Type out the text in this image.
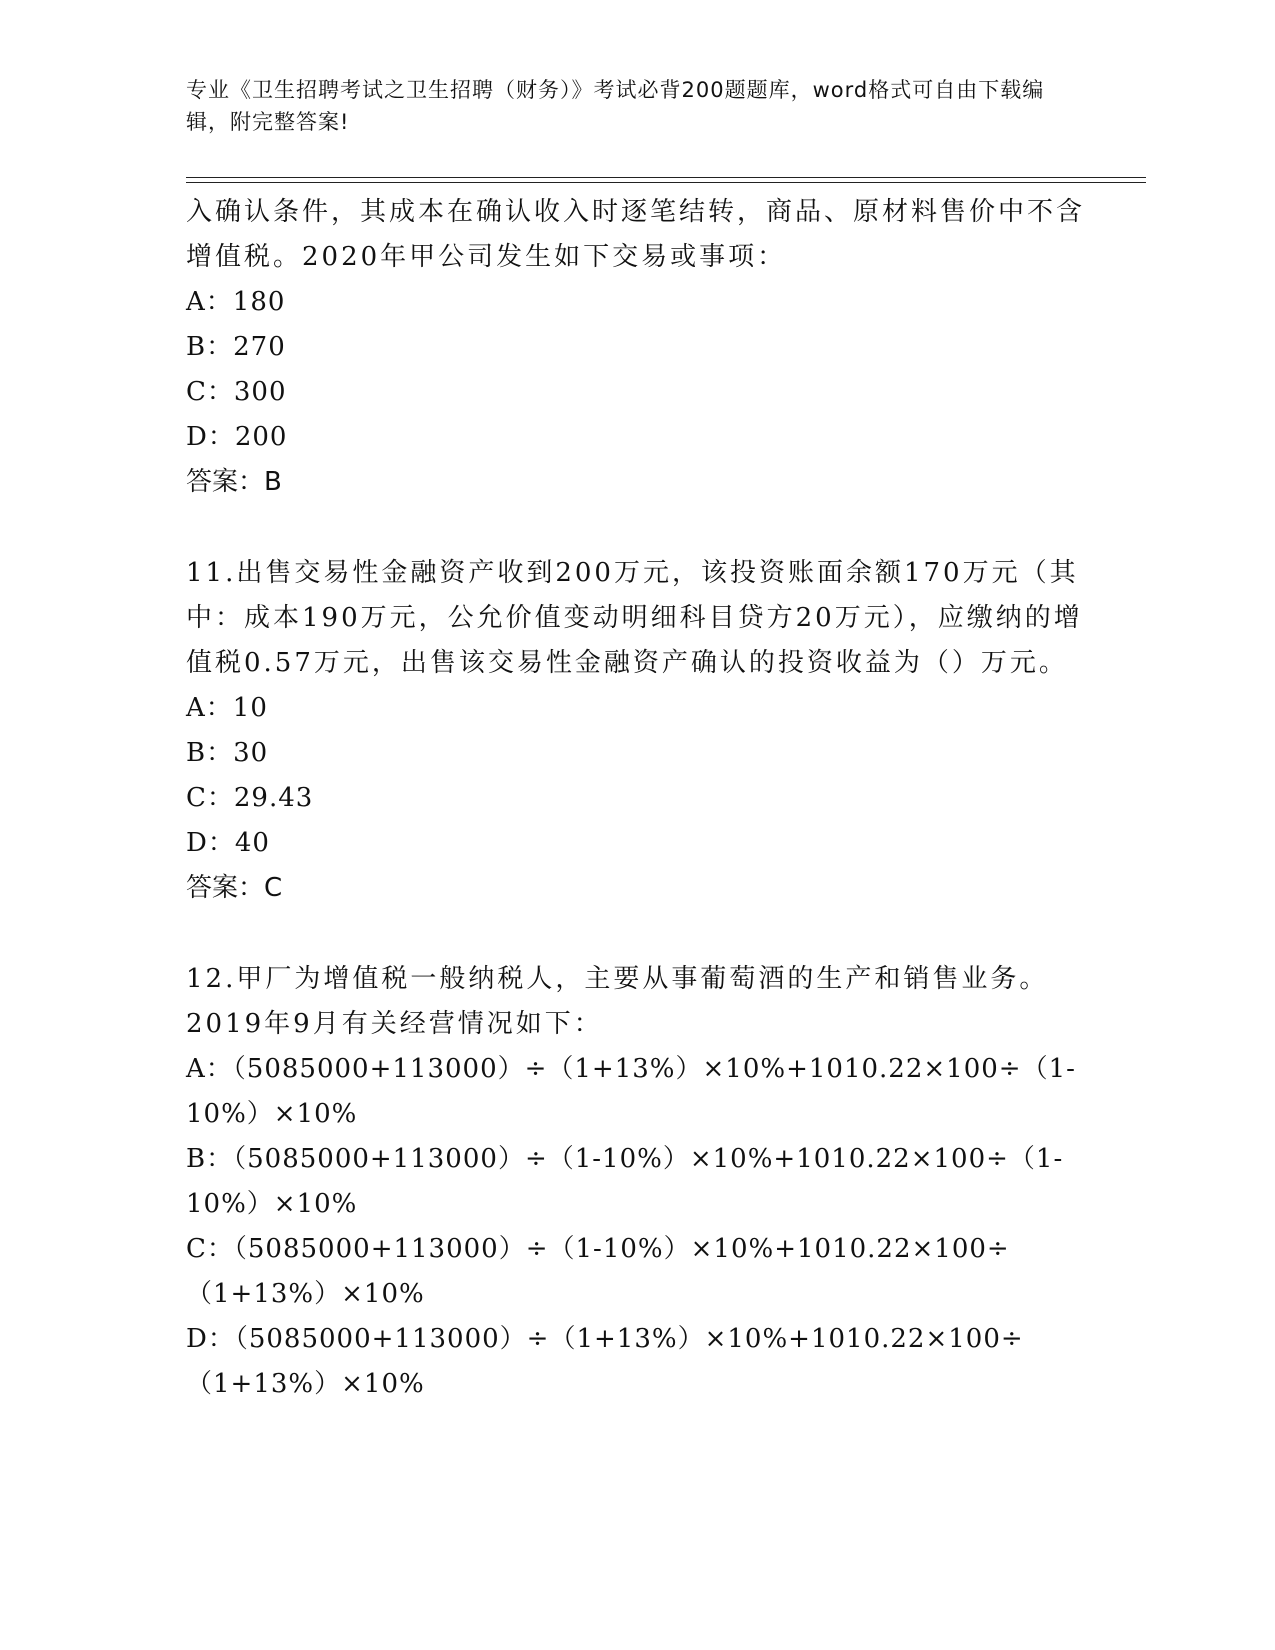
专业《卫生招聘考试之卫生招聘（财务）》考试必背200题题库，word格式可自由下载编辑，附完整答案!

入确认条件，其成本在确认收入时逐笔结转，商品、原材料售价中不含增值税。2020年甲公司发生如下交易或事项：

A：180

B：270

C：300

D：200

答案：B

11.出售交易性金融资产收到200万元，该投资账面余额170万元（其中：成本190万元，公允价值变动明细科目贷方20万元），应缴纳的增值税0.57万元，出售该交易性金融资产确认的投资收益为（）万元。

A：10

B：30

C：29.43

D：40

答案：C

12.甲厂为增值税一般纳税人，主要从事葡萄酒的生产和销售业务。2019年9月有关经营情况如下：

A：（5085000+113000）÷（1+13%）×10%+1010.22×100÷（1-10%）×10%

B：（5085000+113000）÷（1-10%）×10%+1010.22×100÷（1-10%）×10%

C：（5085000+113000）÷（1-10%）×10%+1010.22×100÷（1+13%）×10%

D：（5085000+113000）÷（1+13%）×10%+1010.22×100÷（1+13%）×10%
